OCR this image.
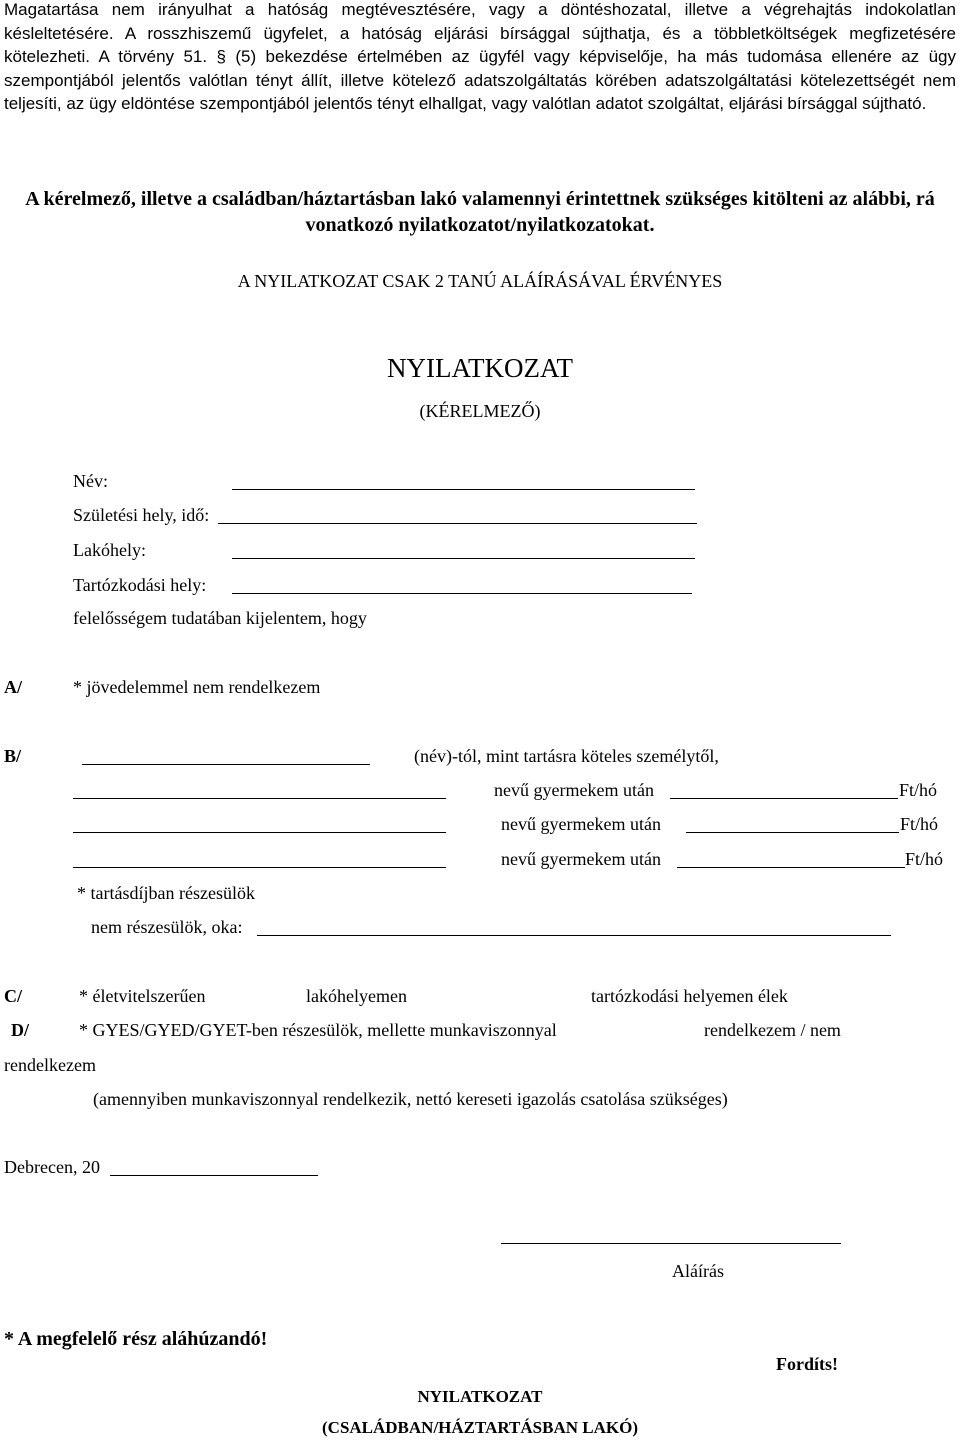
Magatartása nem irányulhat a hatóság megtévesztésére, vagy a döntéshozatal, illetve a végrehajtás indokolatlan késleltetésére. A rosszhiszemű ügyfelet, a hatóság eljárási bírsággal sújthatja, és a többletköltségek megfizetésére kötelezheti. A törvény 51. § (5) bekezdése értelmében az ügyfél vagy képviselője, ha más tudomása ellenére az ügy szempontjából jelentős valótlan tényt állít, illetve kötelező adatszolgáltatás körében adatszolgáltatási kötelezettségét nem teljesíti, az ügy eldöntése szempontjából jelentős tényt elhallgat, vagy valótlan adatot szolgáltat, eljárási bírsággal sújtható.

A kérelmező, illetve a családban/háztartásban lakó valamennyi érintettnek szükséges kitölteni az alábbi, rá vonatkozó nyilatkozatot/nyilatkozatokat.

A NYILATKOZAT CSAK 2 TANÚ ALÁÍRÁSÁVAL ÉRVÉNYES
NYILATKOZAT
(KÉRELMEZŐ)
Név:
Születési hely, idő:
Lakóhely:
Tartózkodási hely:
felelősségem tudatában kijelentem, hogy
A/	* jövedelemmel nem rendelkezem
B/	(név)-tól, mint tartásra köteles személytől,
nevű gyermekem után	Ft/hó
nevű gyermekem után	Ft/hó
nevű gyermekem után	Ft/hó
* tartásdíjban részesülök
nem részesülök, oka:
C/	* életvitelszerűen	lakóhelyemen	tartózkodási helyemen élek
D/	* GYES/GYED/GYET-ben részesülök, mellette munkaviszonnyal	rendelkezem / nem
rendelkezem
(amennyiben munkaviszonnyal rendelkezik, nettó kereseti igazolás csatolása szükséges)
Debrecen, 20
Aláírás
* A megfelelő rész aláhúzandó!
Fordíts!
NYILATKOZAT
(CSALÁDBAN/HÁZTARTÁSBAN LAKÓ)
